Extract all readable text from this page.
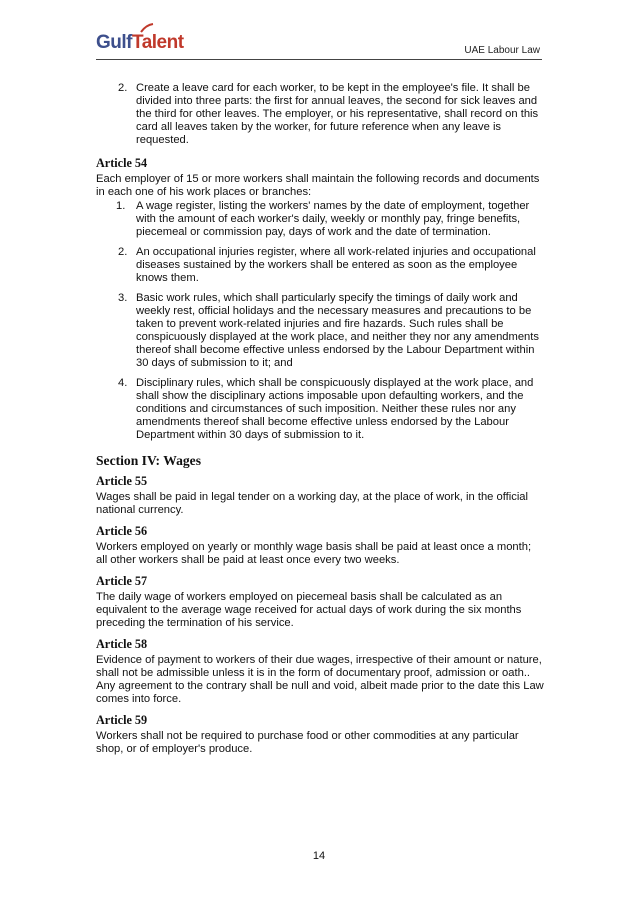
GulfTalent	UAE Labour Law
2. Create a leave card for each worker, to be kept in the employee's file. It shall be divided into three parts: the first for annual leaves, the second for sick leaves and the third for other leaves. The employer, or his representative, shall record on this card all leaves taken by the worker, for future reference when any leave is requested.
Article 54

Each employer of 15 or more workers shall maintain the following records and documents in each one of his work places or branches:

1. A wage register, listing the workers' names by the date of employment, together with the amount of each worker's daily, weekly or monthly pay, fringe benefits, piecemeal or commission pay, days of work and the date of termination.
2. An occupational injuries register, where all work-related injuries and occupational diseases sustained by the workers shall be entered as soon as the employee knows them.
3. Basic work rules, which shall particularly specify the timings of daily work and weekly rest, official holidays and the necessary measures and precautions to be taken to prevent work-related injuries and fire hazards. Such rules shall be conspicuously displayed at the work place, and neither they nor any amendments thereof shall become effective unless endorsed by the Labour Department within 30 days of submission to it; and
4. Disciplinary rules, which shall be conspicuously displayed at the work place, and shall show the disciplinary actions imposable upon defaulting workers, and the conditions and circumstances of such imposition. Neither these rules nor any amendments thereof shall become effective unless endorsed by the Labour Department within 30 days of submission to it.
Section IV: Wages
Article 55

Wages shall be paid in legal tender on a working day, at the place of work, in the official national currency.

Article 56

Workers employed on yearly or monthly wage basis shall be paid at least once a month; all other workers shall be paid at least once every two weeks.

Article 57

The daily wage of workers employed on piecemeal basis shall be calculated as an equivalent to the average wage received for actual days of work during the six months preceding the termination of his service.

Article 58

Evidence of payment to workers of their due wages, irrespective of their amount or nature, shall not be admissible unless it is in the form of documentary proof, admission or oath.. Any agreement to the contrary shall be null and void, albeit made prior to the date this Law comes into force.

Article 59

Workers shall not be required to purchase food or other commodities at any particular shop, or of employer's produce.

14
